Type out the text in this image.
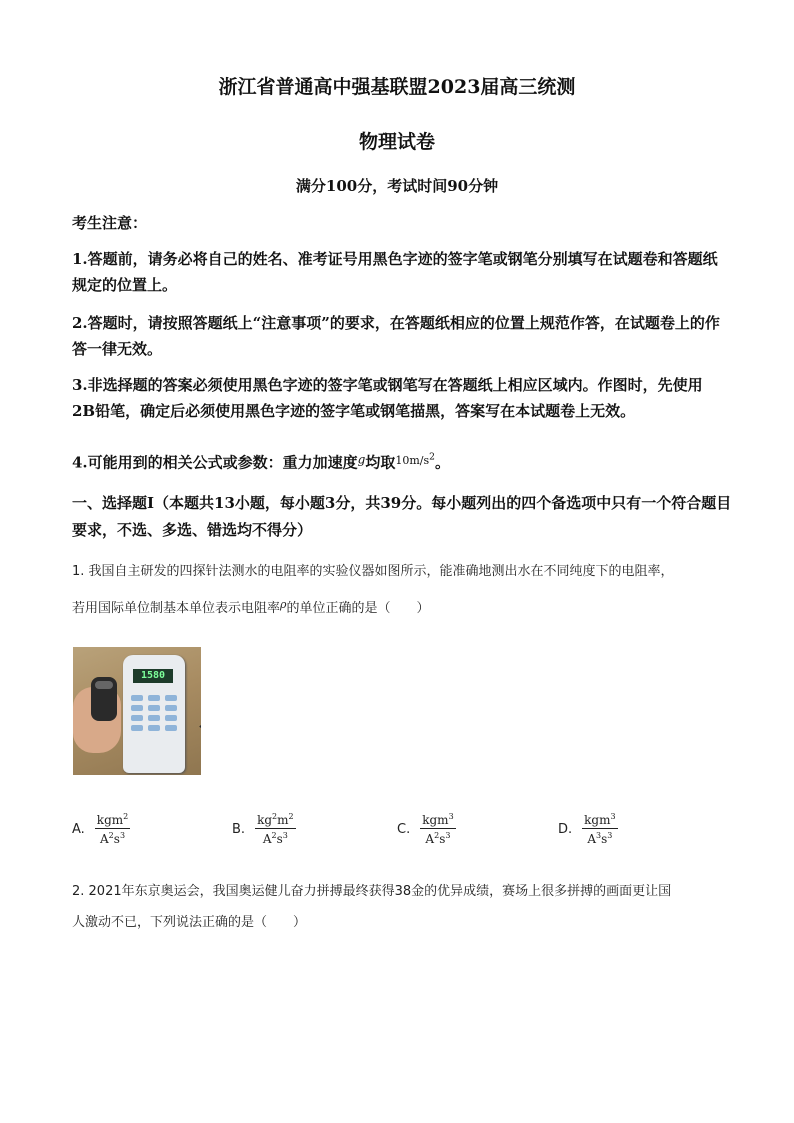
浙江省普通高中强基联盟2023届高三统测
物理试卷
满分100分，考试时间90分钟
考生注意：
1.答题前，请务必将自己的姓名、准考证号用黑色字迹的签字笔或钢笔分别填写在试题卷和答题纸规定的位置上。
2.答题时，请按照答题纸上“注意事项”的要求，在答题纸相应的位置上规范作答，在试题卷上的作答一律无效。
3.非选择题的答案必须使用黑色字迹的签字笔或钢笔写在答题纸上相应区域内。作图时，先使用2B铅笔，确定后必须使用黑色字迹的签字笔或钢笔描黑，答案写在本试题卷上无效。
4.可能用到的相关公式或参数：重力加速度$^g$均取$^{10m/s^2}$。
一、选择题Ⅰ（本题共13小题，每小题3分，共39分。每小题列出的四个备选项中只有一个符合题目要求，不选、多选、错选均不得分）
1. 我国自主研发的四探针法测水的电阻率的实验仪器如图所示，能准确地测出水在不同纯度下的电阻率，
若用国际单位制基本单位表示电阻率$^\rho$的单位正确的是（　　）
1580
A. $\frac{kgm^2}{A^2s^3}$	B. $\frac{kg^2m^2}{A^2s^3}$	C. $\frac{kgm^3}{A^2s^3}$	D. $\frac{kgm^3}{A^3s^3}$
2. 2021年东京奥运会，我国奥运健儿奋力拼搏最终获得38金的优异成绩，赛场上很多拼搏的画面更让国
人激动不已，下列说法正确的是（　　）
